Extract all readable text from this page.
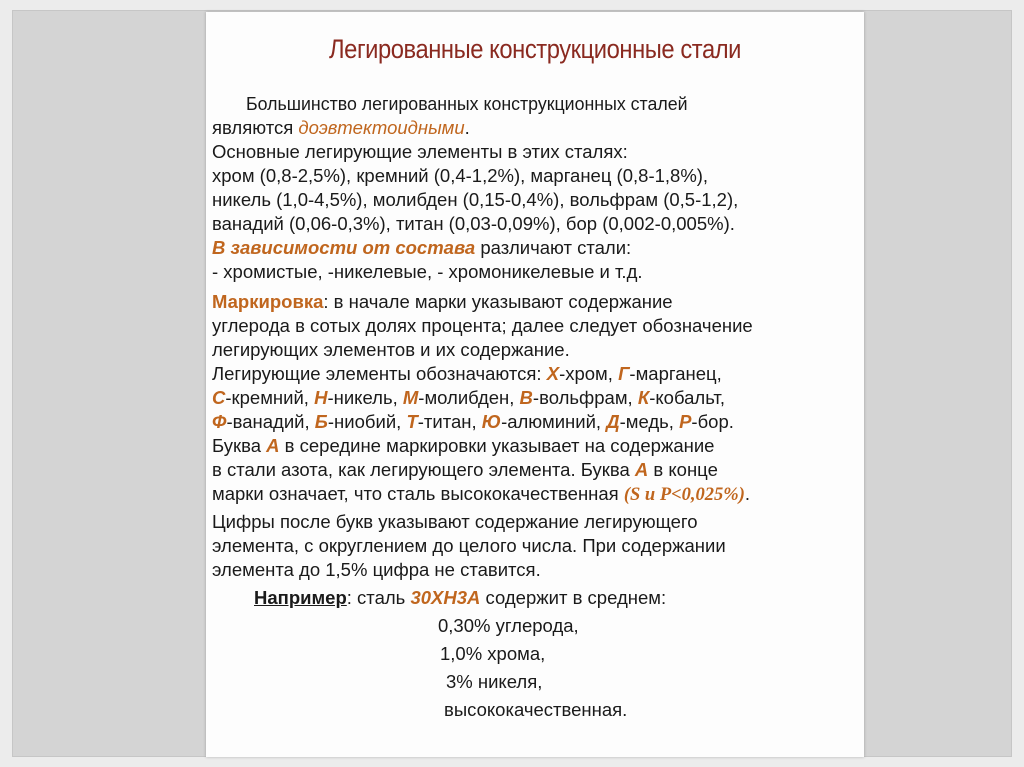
Легированные конструкционные стали
Большинство легированных конструкционных сталей
являются доэвтектоидными.
Основные легирующие элементы в этих сталях:
хром (0,8-2,5%), кремний (0,4-1,2%), марганец (0,8-1,8%),
никель (1,0-4,5%), молибден (0,15-0,4%), вольфрам (0,5-1,2),
ванадий (0,06-0,3%), титан (0,03-0,09%), бор (0,002-0,005%).
В зависимости от состава различают стали:
- хромистые, -никелевые, - хромоникелевые и т.д.
Маркировка: в начале марки указывают содержание
углерода в сотых долях процента; далее следует обозначение
легирующих элементов и их содержание.
Легирующие элементы обозначаются: Х-хром, Г-марганец,
С-кремний, Н-никель, М-молибден, В-вольфрам, К-кобальт,
Ф-ванадий, Б-ниобий, Т-титан, Ю-алюминий, Д-медь, Р-бор.
Буква А в середине маркировки указывает на содержание
в стали азота, как легирующего элемента. Буква А в конце
марки означает, что сталь высококачественная (S и P<0,025%).
Цифры после букв указывают содержание легирующего
элемента, с округлением до целого числа. При содержании
элемента до 1,5% цифра не ставится.
Например: сталь 30ХН3А содержит в среднем:
0,30% углерода,
1,0% хрома,
3% никеля,
высококачественная.
